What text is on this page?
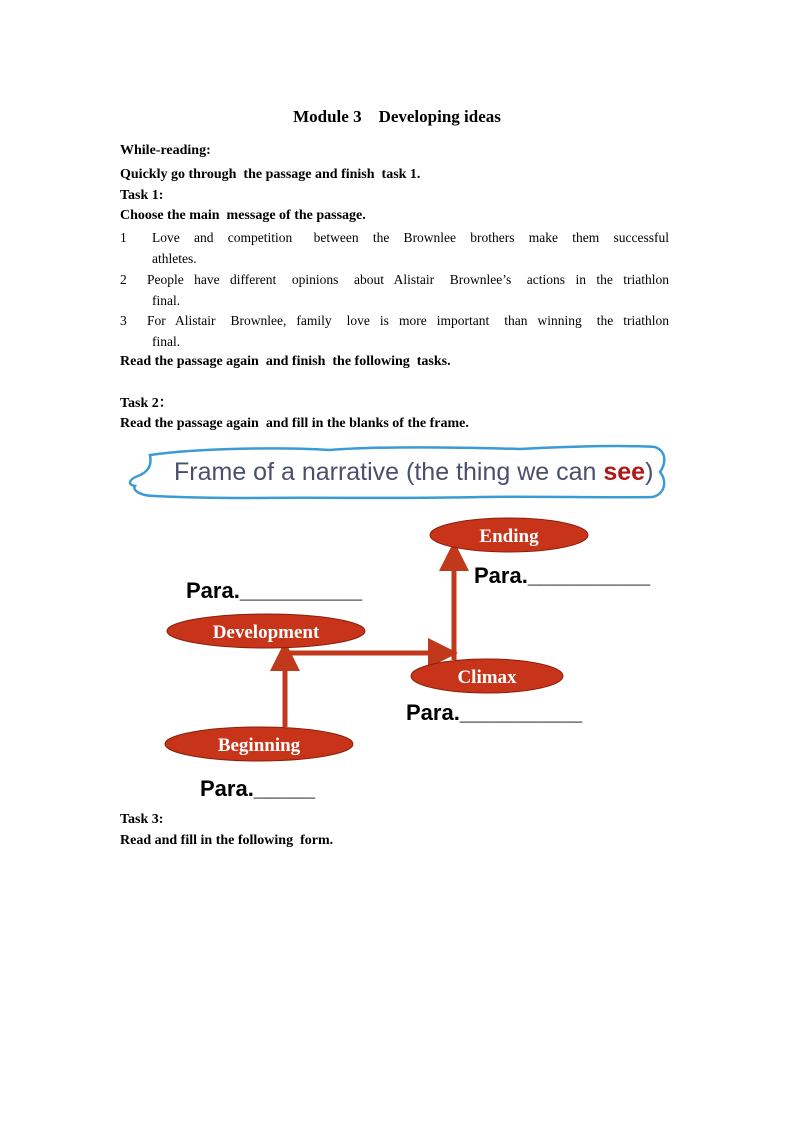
Module 3    Developing ideas
While-reading:
Quickly go through  the passage and finish  task 1.
Task 1:
Choose the main  message of the passage.
1	Love  and  competition   between  the  Brownlee  brothers  make  them  successful
athletes.
2	People  have  different   opinions   about  Alistair   Brownlee’s   actions  in  the  triathlon
final.
3	For  Alistair   Brownlee,  family   love  is  more  important   than  winning   the  triathlon
final.
Read the passage again  and finish  the following  tasks.
Task 2：
Read the passage again  and fill in the blanks of the frame.
Frame of a narrative (the thing we can see)
Ending
Development
Climax
Beginning
Para.__________
Para.__________
Para.__________
Para._____
Task 3:
Read and fill in the following  form.
